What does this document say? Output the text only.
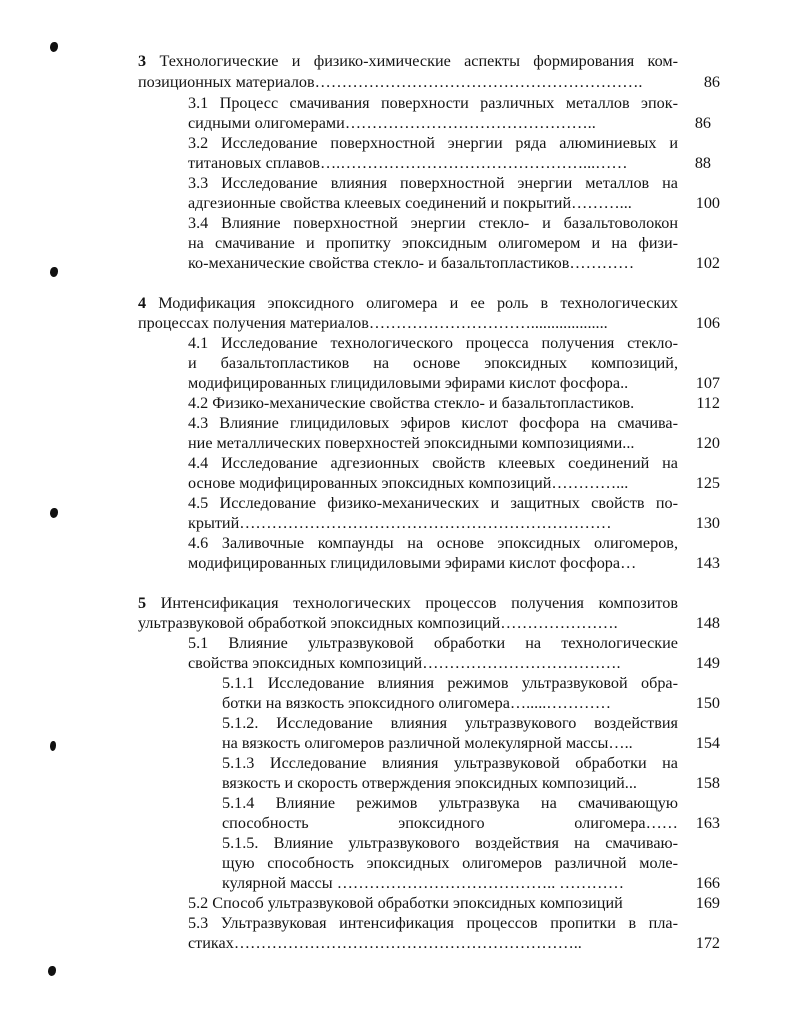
3 Технологические и физико-химические аспекты формирования ком-
позиционных материалов…………………………………………………….	86
3.1 Процесс смачивания поверхности различных металлов эпок-
сидными олигомерами………………………………………..	86
3.2 Исследование поверхностной энергии ряда алюминиевых и
титановых сплавов….………………………………………...……	88
3.3 Исследование влияния поверхностной энергии металлов на
адгезионные свойства клеевых соединений и покрытий………...	100
3.4 Влияние поверхностной энергии стекло- и базальтоволокон
на смачивание и пропитку эпоксидным олигомером и на физи-
ко-механические свойства стекло- и базальтопластиков…………	102
4 Модификация эпоксидного олигомера и ее роль в технологических
процессах получения материалов…………………………...................	106
4.1 Исследование технологического процесса получения стекло-
и базальтопластиков на основе эпоксидных композиций,
модифицированных глицидиловыми эфирами кислот фосфора..	107
4.2 Физико-механические свойства стекло- и базальтопластиков.	112
4.3 Влияние глицидиловых эфиров кислот фосфора на смачива-
ние металлических поверхностей эпоксидными композициями...	120
4.4 Исследование адгезионных свойств клеевых соединений на
основе модифицированных эпоксидных композиций…………...	125
4.5 Исследование физико-механических и защитных свойств по-
крытий……………………………………………………………	130
4.6 Заливочные компаунды на основе эпоксидных олигомеров,
модифицированных глицидиловыми эфирами кислот фосфора…	143
5 Интенсификация технологических процессов получения композитов
ультразвуковой обработкой эпоксидных композиций………………….	148
5.1 Влияние ультразвуковой обработки на технологические
свойства эпоксидных композиций……………………………….	149
5.1.1 Исследование влияния режимов ультразвуковой обра-
ботки на вязкость эпоксидного олигомера….....…………	150
5.1.2. Исследование влияния ультразвукового воздействия
на вязкость олигомеров различной молекулярной массы…..	154
5.1.3 Исследование влияния ультразвуковой обработки на
вязкость и скорость отверждения эпоксидных композиций...	158
5.1.4 Влияние режимов ультразвука на смачивающую
способность эпоксидного олигомера……	163
5.1.5. Влияние ультразвукового воздействия на смачиваю-
щую способность эпоксидных олигомеров различной моле-
кулярной массы ………………………………….. …………	166
5.2 Способ ультразвуковой обработки эпоксидных композиций	169
5.3 Ультразвуковая интенсификация процессов пропитки в пла-
стиках………………………………………………………..	172
